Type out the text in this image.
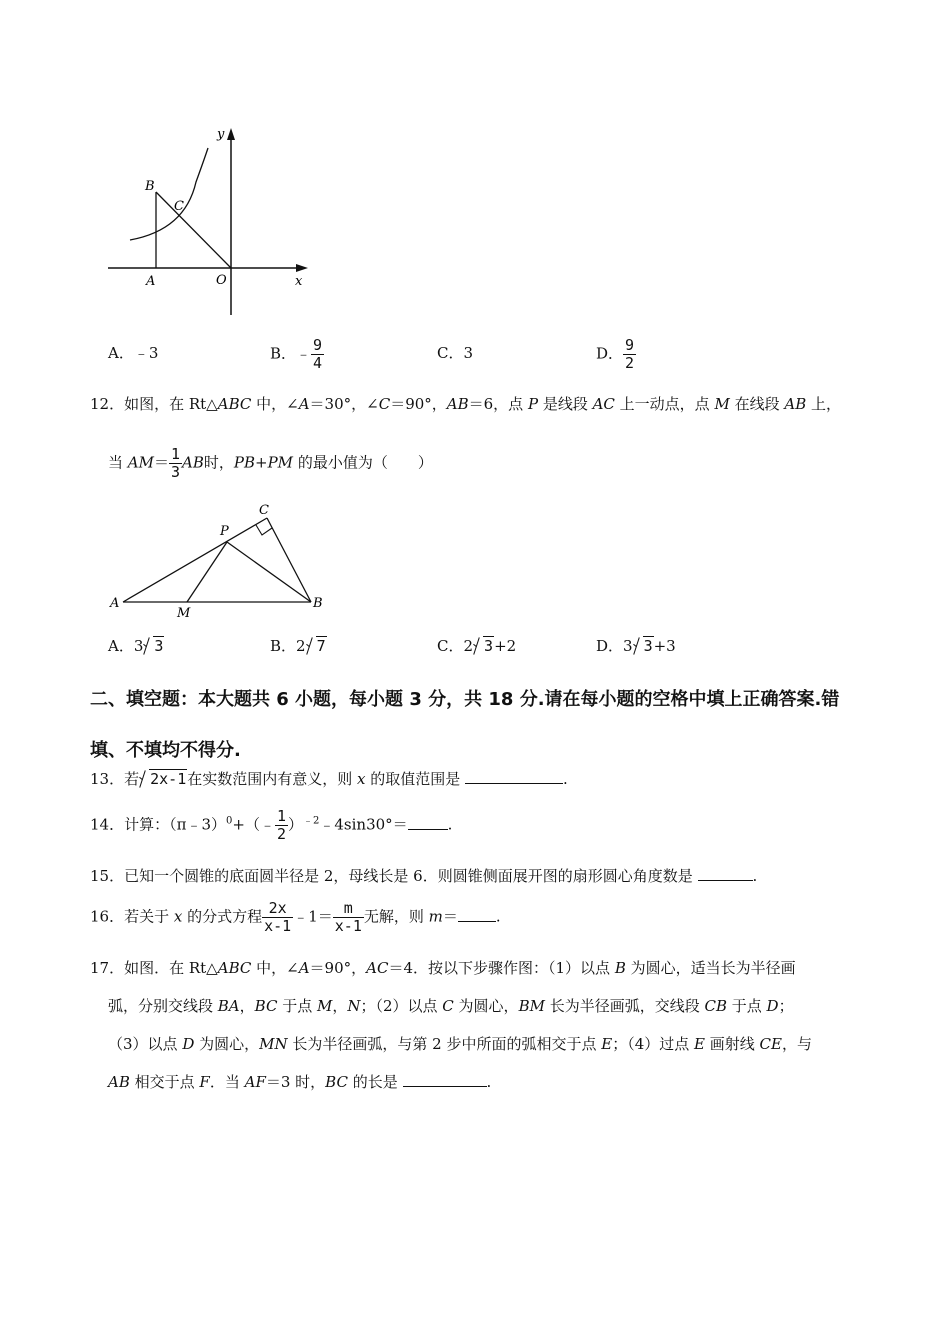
y
B
C
A	O	x
A．﹣3	B．﹣ $\frac{9}{4}$	C．3	D． $\frac{9}{2}$
12．如图，在 Rt△ABC 中，∠A＝30°，∠C＝90°，AB＝6，点 P 是线段 AC 上一动点，点 M 在线段 AB 上，
当 $AM= \frac{1}{3}$ AB时，PB+PM 的最小值为（　　）
C
P
A
M
B
A．3 3	B．2 7	C．2 3+2	D．3 3+3
二、填空题：本大题共 6 小题，每小题 3 分，共 18 分.请在每小题的空格中填上正确答案.错
填、不填均不得分.
13．若 2x-1在实数范围内有意义，则 x 的取值范围是	.
14．计算：（π﹣3）$^0$+（﹣ $\frac{1}{2}$ ）$^{﹣2}$﹣4sin30°＝	.
15．已知一个圆锥的底面圆半径是 2，母线长是 6．则圆锥侧面展开图的扇形圆心角度数是	.
16．若关于 x 的分式方程 $\frac{2x}{x-1}$ ﹣1＝ $\frac{m}{x-1}$ 无解，则 m＝	.
17．如图．在 Rt△ABC 中，∠A＝90°，AC＝4．按以下步骤作图：（1）以点 B 为圆心，适当长为半径画
弧，分别交线段 BA，BC 于点 M，N；（2）以点 C 为圆心，BM 长为半径画弧，交线段 CB 于点 D；
（3）以点 D 为圆心，MN 长为半径画弧，与第 2 步中所面的弧相交于点 E；（4）过点 E 画射线 CE，与
AB 相交于点 F．当 AF＝3 时，BC 的长是	.
